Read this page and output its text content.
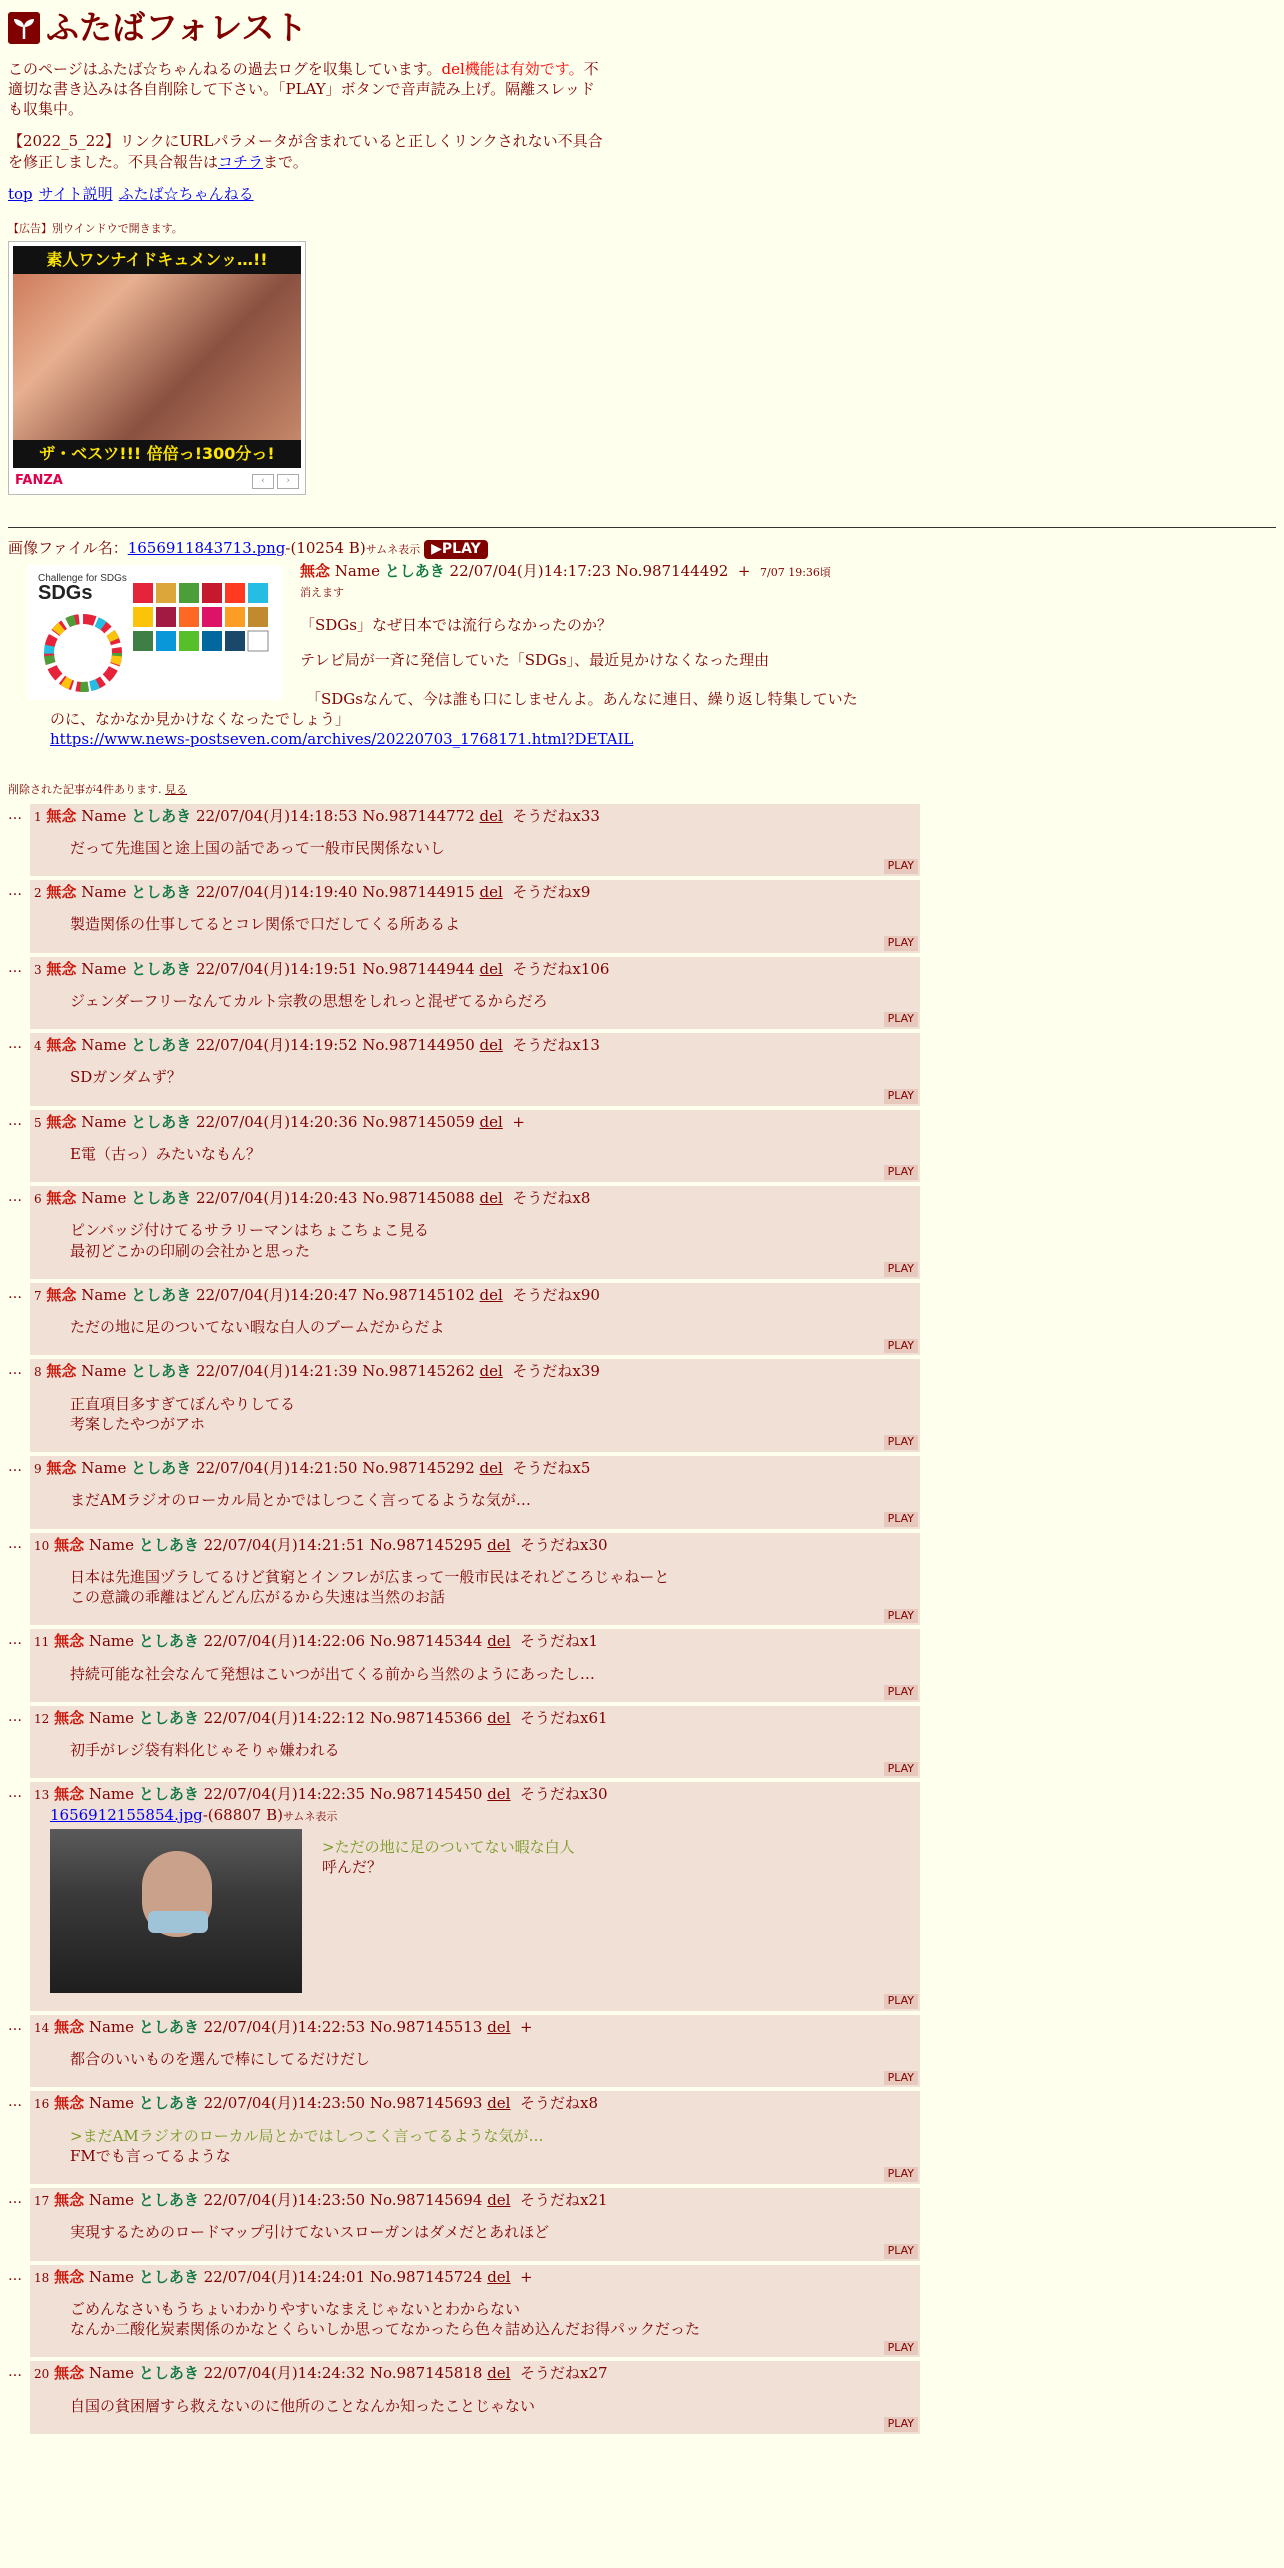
ふたばフォレスト
このページはふたば☆ちゃんねるの過去ログを収集しています。del機能は有効です。不適切な書き込みは各自削除して下さい。「PLAY」ボタンで音声読み上げ。隔離スレッドも収集中。
【2022_5_22】リンクにURLパラメータが含まれていると正しくリンクされない不具合を修正しました。不具合報告はコチラまで。
top サイト説明 ふたば☆ちゃんねる
【広告】別ウインドウで開きます。
素人ワンナイドキュメンッ…!!
ザ・ベスツ!!! 倍倍っ!300分っ!
FANZA	‹	›
画像ファイル名：1656911843713.png-(10254 B)サムネ表示 ▶PLAY
Challenge for SDGs
SDGs
無念 Name としあき 22/07/04(月)14:17:23 No.987144492 + 7/07 19:36頃消えます
「SDGs」なぜ日本では流行らなかったのか？
テレビ局が一斉に発信していた「SDGs」、最近見かけなくなった理由
「SDGsなんて、今は誰も口にしませんよ。あんなに連日、繰り返し特集していたのに、なかなか見かけなくなったでしょう」
https://www.news-postseven.com/archives/20220703_1768171.html?DETAIL
削除された記事が4件あります. 見る
…	1 無念 Name としあき 22/07/04(月)14:18:53 No.987144772 del そうだねx33
だって先進国と途上国の話であって一般市民関係ないし
PLAY
…	2 無念 Name としあき 22/07/04(月)14:19:40 No.987144915 del そうだねx9
製造関係の仕事してるとコレ関係で口だしてくる所あるよ
PLAY
…	3 無念 Name としあき 22/07/04(月)14:19:51 No.987144944 del そうだねx106
ジェンダーフリーなんてカルト宗教の思想をしれっと混ぜてるからだろ
PLAY
…	4 無念 Name としあき 22/07/04(月)14:19:52 No.987144950 del そうだねx13
SDガンダムず？
PLAY
…	5 無念 Name としあき 22/07/04(月)14:20:36 No.987145059 del +
E電（古っ）みたいなもん？
PLAY
…	6 無念 Name としあき 22/07/04(月)14:20:43 No.987145088 del そうだねx8
ピンバッジ付けてるサラリーマンはちょこちょこ見る
最初どこかの印刷の会社かと思った
PLAY
…	7 無念 Name としあき 22/07/04(月)14:20:47 No.987145102 del そうだねx90
ただの地に足のついてない暇な白人のブームだからだよ
PLAY
…	8 無念 Name としあき 22/07/04(月)14:21:39 No.987145262 del そうだねx39
正直項目多すぎてぼんやりしてる
考案したやつがアホ
PLAY
…	9 無念 Name としあき 22/07/04(月)14:21:50 No.987145292 del そうだねx5
まだAMラジオのローカル局とかではしつこく言ってるような気が…
PLAY
…	10 無念 Name としあき 22/07/04(月)14:21:51 No.987145295 del そうだねx30
日本は先進国ヅラしてるけど貧窮とインフレが広まって一般市民はそれどころじゃねーと
この意識の乖離はどんどん広がるから失速は当然のお話
PLAY
…	11 無念 Name としあき 22/07/04(月)14:22:06 No.987145344 del そうだねx1
持続可能な社会なんて発想はこいつが出てくる前から当然のようにあったし…
PLAY
…	12 無念 Name としあき 22/07/04(月)14:22:12 No.987145366 del そうだねx61
初手がレジ袋有料化じゃそりゃ嫌われる
PLAY
…	13 無念 Name としあき 22/07/04(月)14:22:35 No.987145450 del そうだねx30
1656912155854.jpg-(68807 B)サムネ表示
>ただの地に足のついてない暇な白人
呼んだ？
PLAY
…	14 無念 Name としあき 22/07/04(月)14:22:53 No.987145513 del +
都合のいいものを選んで棒にしてるだけだし
PLAY
…	16 無念 Name としあき 22/07/04(月)14:23:50 No.987145693 del そうだねx8
>まだAMラジオのローカル局とかではしつこく言ってるような気が…
FMでも言ってるような
PLAY
…	17 無念 Name としあき 22/07/04(月)14:23:50 No.987145694 del そうだねx21
実現するためのロードマップ引けてないスローガンはダメだとあれほど
PLAY
…	18 無念 Name としあき 22/07/04(月)14:24:01 No.987145724 del +
ごめんなさいもうちょいわかりやすいなまえじゃないとわからない
なんか二酸化炭素関係のかなとくらいしか思ってなかったら色々詰め込んだお得パックだった
PLAY
…	20 無念 Name としあき 22/07/04(月)14:24:32 No.987145818 del そうだねx27
自国の貧困層すら救えないのに他所のことなんか知ったことじゃない
PLAY
